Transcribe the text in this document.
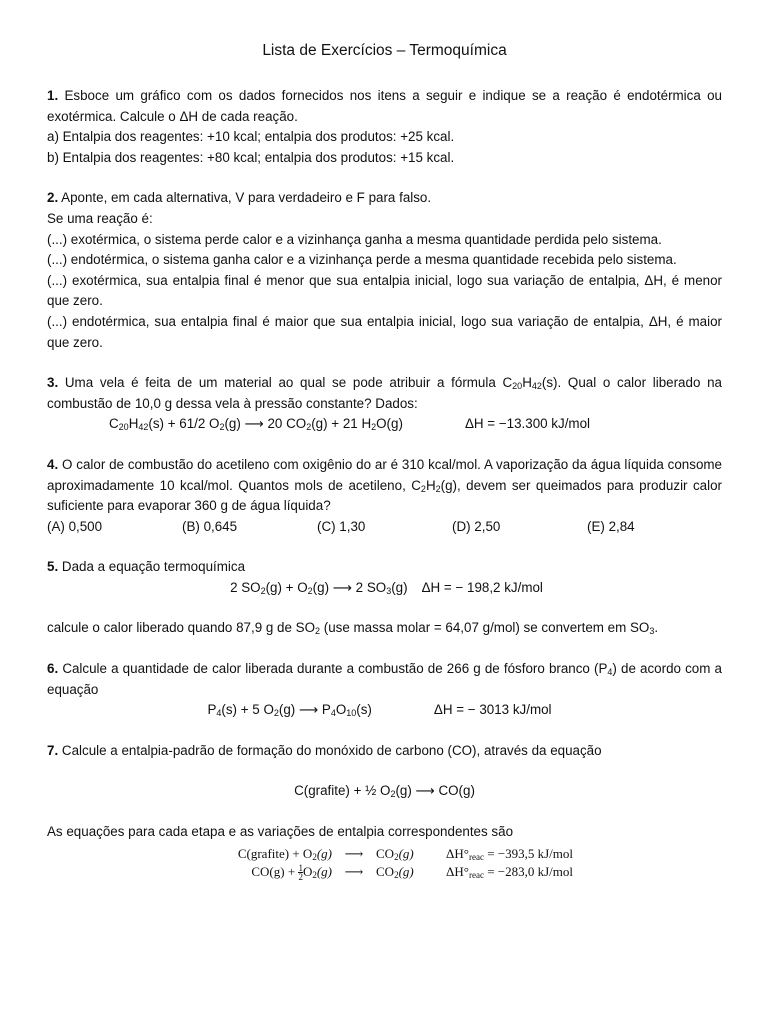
Lista de Exercícios – Termoquímica

1. Esboce um gráfico com os dados fornecidos nos itens a seguir e indique se a reação é endotérmica ou exotérmica. Calcule o ΔH de cada reação.

a) Entalpia dos reagentes: +10 kcal; entalpia dos produtos: +25 kcal.

b) Entalpia dos reagentes: +80 kcal; entalpia dos produtos: +15 kcal.

2. Aponte, em cada alternativa, V para verdadeiro e F para falso.

Se uma reação é:

(...) exotérmica, o sistema perde calor e a vizinhança ganha a mesma quantidade perdida pelo sistema.

(...) endotérmica, o sistema ganha calor e a vizinhança perde a mesma quantidade recebida pelo sistema.

(...) exotérmica, sua entalpia final é menor que sua entalpia inicial, logo sua variação de entalpia, ΔH, é menor que zero.

(...) endotérmica, sua entalpia final é maior que sua entalpia inicial, logo sua variação de entalpia, ΔH, é maior que zero.

3. Uma vela é feita de um material ao qual se pode atribuir a fórmula $C_{20}H_{42}(s)$. Qual o calor liberado na combustão de 10,0 g dessa vela à pressão constante? Dados:

$C_{20}H_{42}(s) + 61/2$ $O_2(g)$ ⟶ 20 $CO_2(g) + 21$ $H_2O(g)$	ΔH = −13.300 kJ/mol

4. O calor de combustão do acetileno com oxigênio do ar é 310 kcal/mol. A vaporização da água líquida consome aproximadamente 10 kcal/mol. Quantos mols de acetileno, $C_2H_2(g)$, devem ser queimados para produzir calor suficiente para evaporar 360 g de água líquida?

(A) 0,500	(B) 0,645	(C) 1,30	(D) 2,50	(E) 2,84

5. Dada a equação termoquímica

2 $SO_2(g) + O_2(g)$ ⟶ 2 $SO_3(g) \Delta H$ = − 198,2 kJ/mol

calcule o calor liberado quando 87,9 g de $SO_2$ (use massa molar = 64,07 g/mol) se convertem em $SO_3$.

6. Calcule a quantidade de calor liberada durante a combustão de 266 g de fósforo branco $(P_4)$ de acordo com a equação

$P_4(s) + 5$ $O_2(g)$ ⟶ $P_4O_{10}(s)$	ΔH = − 3013 kJ/mol

7. Calcule a entalpia-padrão de formação do monóxido de carbono (CO), através da equação

C(grafite) + ½ $O_2(g)$ ⟶ CO(g)

As equações para cada etapa e as variações de entalpia correspondentes são

C(grafite) + $O_2(g)$ ⟶ $CO_2(g)$	$\Delta H^\circ_{reac} = -393,5$ kJ/mol
$CO(g) + \frac{1}{2} O_2(g)$ ⟶ $CO_2(g)$	$\Delta H^\circ_{reac} = -283,0$ kJ/mol
